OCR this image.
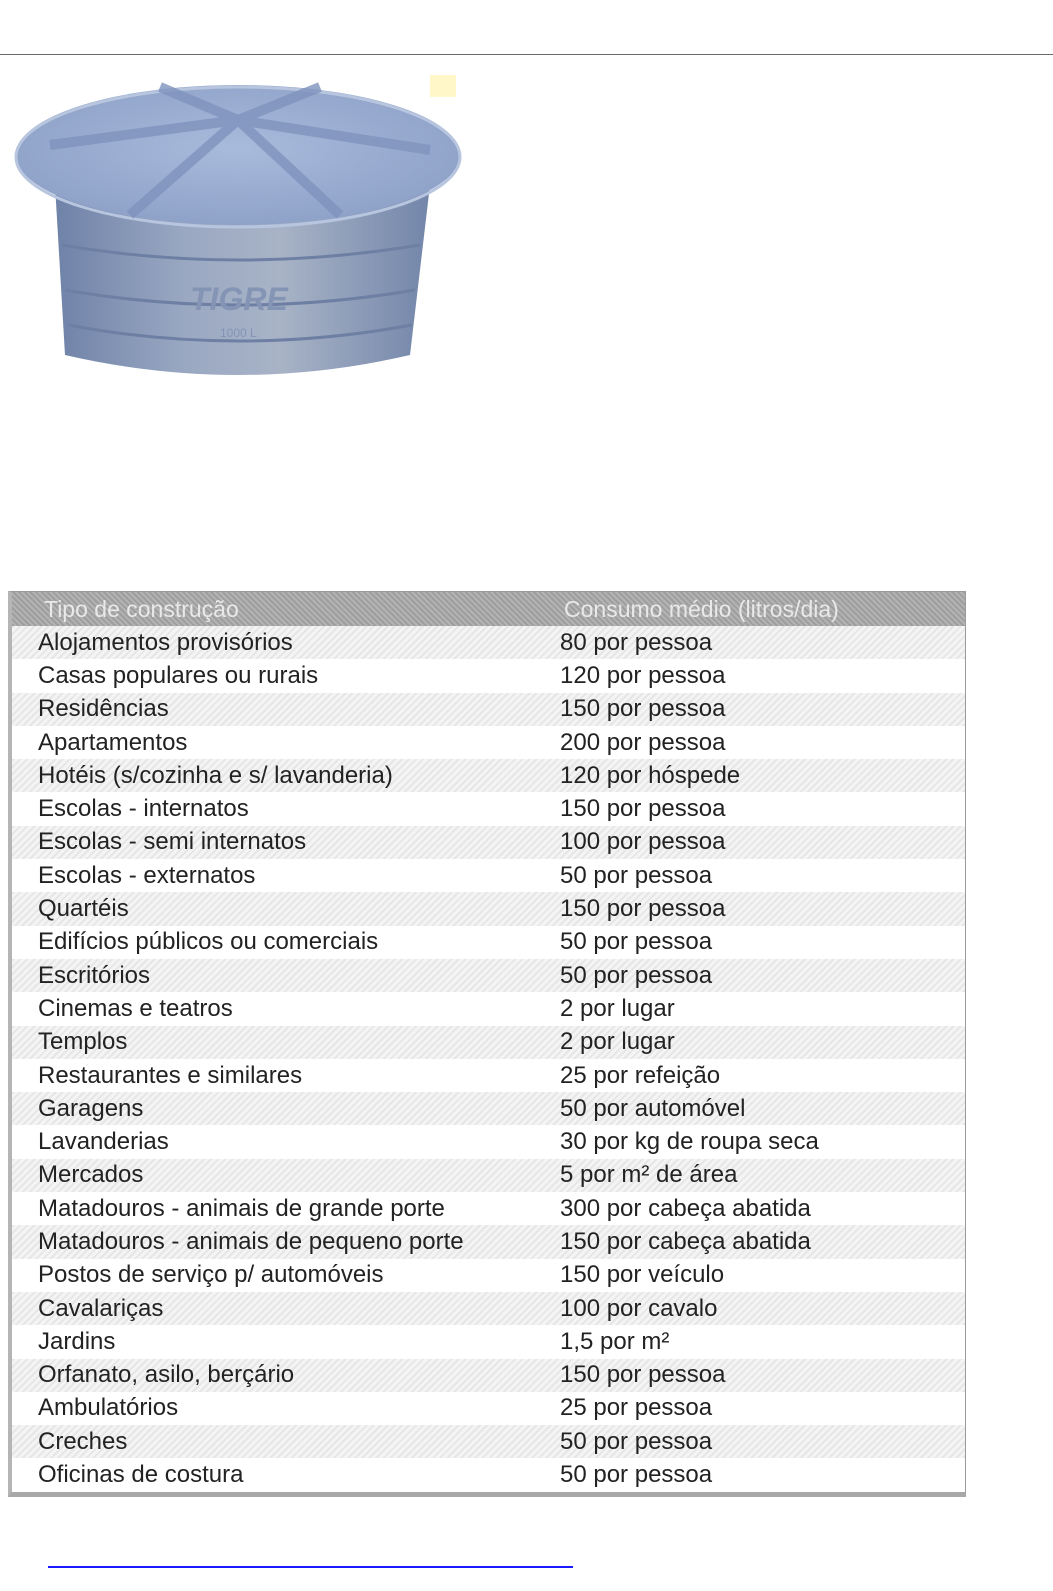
TIGRE
1000 L
Tipo de construção	Consumo médio (litros/dia)
Alojamentos provisórios	80 por pessoa
Casas populares ou rurais	120 por pessoa
Residências	150 por pessoa
Apartamentos	200 por pessoa
Hotéis (s/cozinha e s/ lavanderia)	120 por hóspede
Escolas - internatos	150 por pessoa
Escolas - semi internatos	100 por pessoa
Escolas - externatos	50 por pessoa
Quartéis	150 por pessoa
Edifícios públicos ou comerciais	50 por pessoa
Escritórios	50 por pessoa
Cinemas e teatros	2 por lugar
Templos	2 por lugar
Restaurantes e similares	25 por refeição
Garagens	50 por automóvel
Lavanderias	30 por kg de roupa seca
Mercados	5 por m² de área
Matadouros - animais de grande porte	300 por cabeça abatida
Matadouros - animais de pequeno porte	150 por cabeça abatida
Postos de serviço p/ automóveis	150 por veículo
Cavalariças	100 por cavalo
Jardins	1,5 por m²
Orfanato, asilo, berçário	150 por pessoa
Ambulatórios	25 por pessoa
Creches	50 por pessoa
Oficinas de costura	50 por pessoa
